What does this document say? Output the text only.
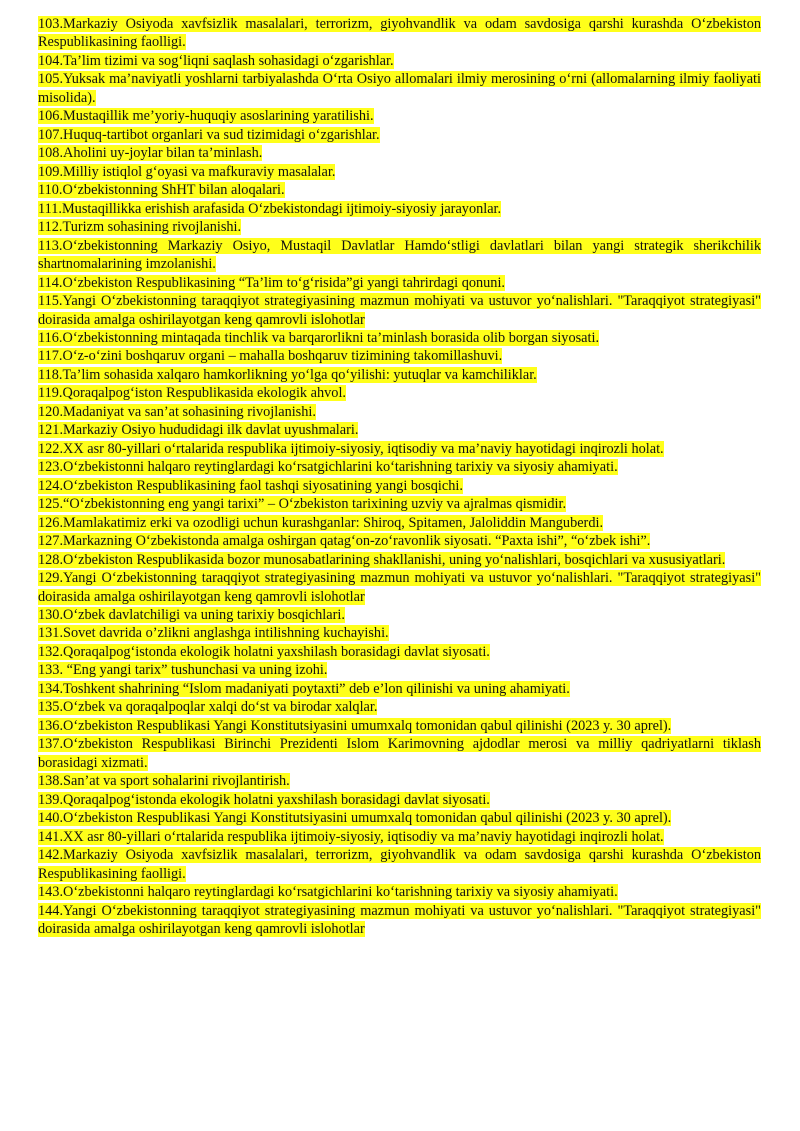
103.Markaziy Osiyoda xavfsizlik masalalari, terrorizm, giyohvandlik va odam savdosiga qarshi kurashda O‘zbekiston Respublikasining faolligi.

104.Ta’lim tizimi va sog‘liqni saqlash sohasidagi o‘zgarishlar.

105.Yuksak ma’naviyatli yoshlarni tarbiyalashda O‘rta Osiyo allomalari ilmiy merosining o‘rni (allomalarning ilmiy faoliyati misolida).

106.Mustaqillik me’yoriy-huquqiy asoslarining yaratilishi.

107.Huquq-tartibot organlari va sud tizimidagi o‘zgarishlar.

108.Aholini uy-joylar bilan ta’minlash.

109.Milliy istiqlol g‘oyasi va mafkuraviy masalalar.

110.O‘zbekistonning ShHT bilan aloqalari.

111.Mustaqillikka erishish arafasida O‘zbekistondagi ijtimoiy-siyosiy jarayonlar.

112.Turizm sohasining rivojlanishi.

113.O‘zbekistonning Markaziy Osiyo, Mustaqil Davlatlar Hamdo‘stligi davlatlari bilan yangi strategik sherikchilik shartnomalarining imzolanishi.

114.O‘zbekiston Respublikasining “Ta’lim to‘g‘risida”gi yangi tahrirdagi qonuni.

115.Yangi O‘zbekistonning taraqqiyot strategiyasining mazmun mohiyati va ustuvor yo‘nalishlari. "Taraqqiyot strategiyasi" doirasida amalga oshirilayotgan keng qamrovli islohotlar

116.O‘zbekistonning mintaqada tinchlik va barqarorlikni ta’minlash borasida olib borgan siyosati.

117.O‘z-o‘zini boshqaruv organi – mahalla boshqaruv tizimining takomillashuvi.

118.Ta’lim sohasida xalqaro hamkorlikning yo‘lga qo‘yilishi: yutuqlar va kamchiliklar.

119.Qoraqalpog‘iston Respublikasida ekologik ahvol.

120.Madaniyat va san’at sohasining rivojlanishi.

121.Markaziy Osiyo hududidagi ilk davlat uyushmalari.

122.XX asr 80-yillari o‘rtalarida respublika ijtimoiy-siyosiy, iqtisodiy va ma’naviy hayotidagi inqirozli holat.

123.O‘zbekistonni halqaro reytinglardagi ko‘rsatgichlarini ko‘tarishning tarixiy va siyosiy ahamiyati.

124.O‘zbekiston Respublikasining faol tashqi siyosatining yangi bosqichi.

125.“O‘zbekistonning eng yangi tarixi” – O‘zbekiston tarixining uzviy va ajralmas qismidir.

126.Mamlakatimiz erki va ozodligi uchun kurashganlar: Shiroq, Spitamen, Jaloliddin Manguberdi.

127.Markazning O‘zbekistonda amalga oshirgan qatag‘on-zo‘ravonlik siyosati. “Paxta ishi”, “o‘zbek ishi”.

128.O‘zbekiston Respublikasida bozor munosabatlarining shakllanishi, uning yo‘nalishlari, bosqichlari va xususiyatlari.

129.Yangi O‘zbekistonning taraqqiyot strategiyasining mazmun mohiyati va ustuvor yo‘nalishlari. "Taraqqiyot strategiyasi" doirasida amalga oshirilayotgan keng qamrovli islohotlar

130.O‘zbek davlatchiligi va uning tarixiy bosqichlari.

131.Sovet davrida o’zlikni anglashga intilishning kuchayishi.

132.Qoraqalpog‘istonda ekologik holatni yaxshilash borasidagi davlat siyosati.

133. “Eng yangi tarix” tushunchasi va uning izohi.

134.Toshkent shahrining “Islom madaniyati poytaxti” deb e’lon qilinishi va uning ahamiyati.

135.O‘zbek va qoraqalpoqlar xalqi do‘st va birodar xalqlar.

136.O‘zbekiston Respublikasi Yangi Konstitutsiyasini umumxalq tomonidan qabul qilinishi (2023 y. 30 aprel).

137.O‘zbekiston Respublikasi Birinchi Prezidenti Islom Karimovning ajdodlar merosi va milliy qadriyatlarni tiklash borasidagi xizmati.

138.San’at va sport sohalarini rivojlantirish.

139.Qoraqalpog‘istonda ekologik holatni yaxshilash borasidagi davlat siyosati.

140.O‘zbekiston Respublikasi Yangi Konstitutsiyasini umumxalq tomonidan qabul qilinishi (2023 y. 30 aprel).

141.XX asr 80-yillari o‘rtalarida respublika ijtimoiy-siyosiy, iqtisodiy va ma’naviy hayotidagi inqirozli holat.

142.Markaziy Osiyoda xavfsizlik masalalari, terrorizm, giyohvandlik va odam savdosiga qarshi kurashda O‘zbekiston Respublikasining faolligi.

143.O‘zbekistonni halqaro reytinglardagi ko‘rsatgichlarini ko‘tarishning tarixiy va siyosiy ahamiyati.

144.Yangi O‘zbekistonning taraqqiyot strategiyasining mazmun mohiyati va ustuvor yo‘nalishlari. "Taraqqiyot strategiyasi" doirasida amalga oshirilayotgan keng qamrovli islohotlar
